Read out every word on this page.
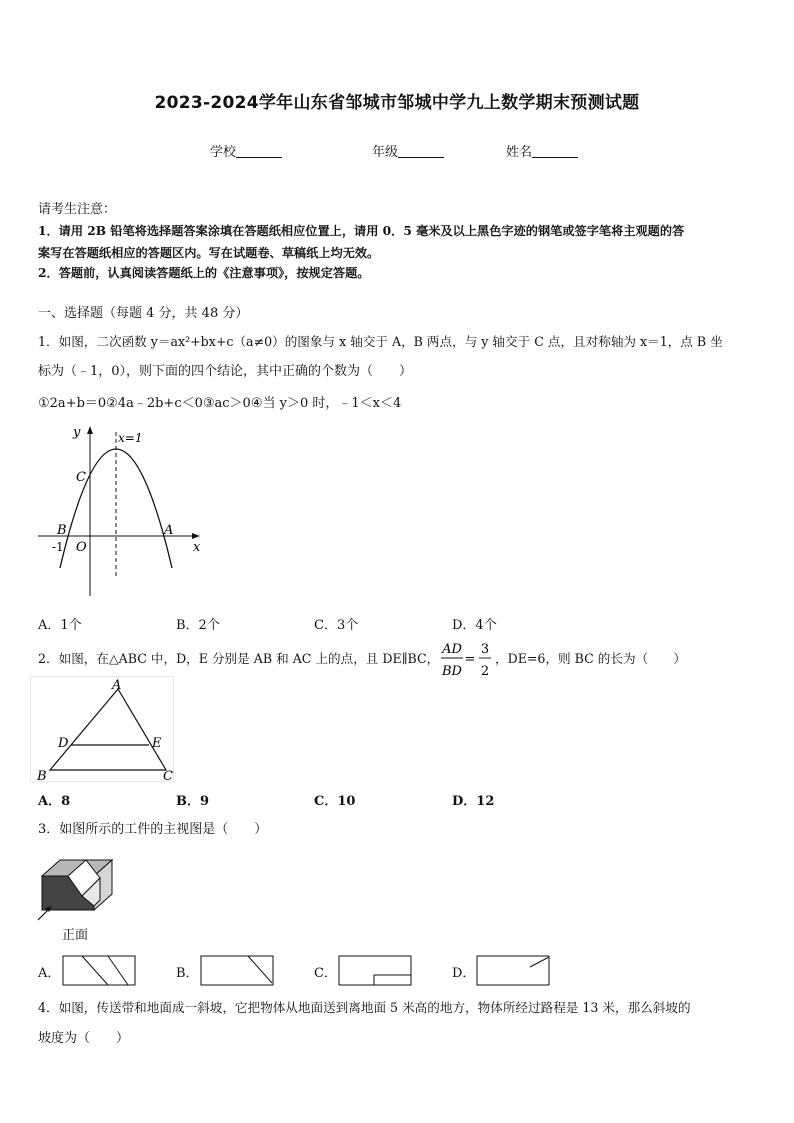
2023-2024学年山东省邹城市邹城中学九上数学期末预测试题
学校	年级	姓名
请考生注意：
1．请用 2B 铅笔将选择题答案涂填在答题纸相应位置上，请用 0．5 毫米及以上黑色字迹的钢笔或签字笔将主观题的答
案写在答题纸相应的答题区内。写在试题卷、草稿纸上均无效。
2．答题前，认真阅读答题纸上的《注意事项》，按规定答题。
一、选择题（每题 4 分，共 48 分）
1．如图，二次函数 y＝ax²+bx+c（a≠0）的图象与 x 轴交于 A，B 两点，与 y 轴交于 C 点，且对称轴为 x＝1，点 B 坐
标为（﹣1，0），则下面的四个结论，其中正确的个数为（　　）
①2a+b＝0②4a﹣2b+c＜0③ac＞0④当 y＞0 时，﹣1＜x＜4
y	x=1
C
B	A
-1 O	x
A．1个	B．2个	C．3个	D．4个
2．如图，在△ABC 中，D，E 分别是 AB 和 AC 上的点，且 DE∥BC，
AD
BD
=
3
2
，DE=6，则 BC 的长为（　　）
A
D	E
B	C
A．8	B．9	C．10	D．12
3．如图所示的工件的主视图是（　　）
正面
A．	B．	C．	D．
4．如图，传送带和地面成一斜坡，它把物体从地面送到离地面 5 米高的地方，物体所经过路程是 13 米，那么斜坡的
坡度为（　　）
